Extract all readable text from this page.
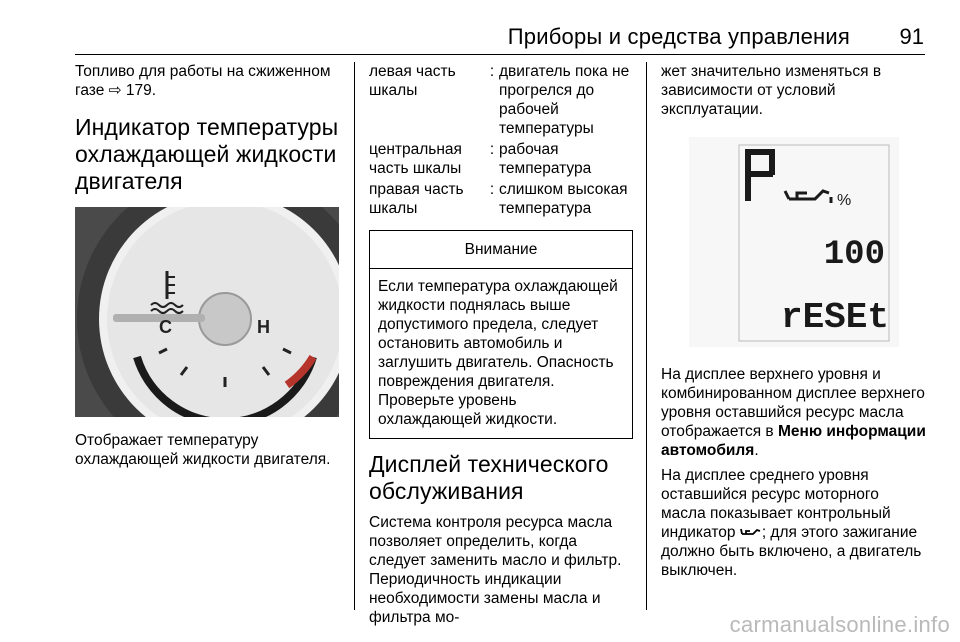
Приборы и средства управления 91

Топливо для работы на сжиженном газе ⇨ 179.

Индикатор температуры охлаждающей жидкости двигателя
C	H

Отображает температуру охлаждающей жидкости двигателя.

левая часть шкалы	:	двигатель пока не прогрелся до рабочей температуры
центральная часть шкалы	:	рабочая температура
правая часть шкалы	:	слишком высокая температура
Внимание
Если температура охлаждающей жидкости поднялась выше допустимого предела, следует остановить автомобиль и заглушить двигатель. Опасность повреждения двигателя. Проверьте уровень охлаждающей жидкости.
Дисплей технического обслуживания

Система контроля ресурса масла позволяет определить, когда следует заменить масло и фильтр. Периодичность индикации необходимости замены масла и фильтра мо-

жет значительно изменяться в зависимости от условий эксплуатации.

%
100
rESEt

На дисплее верхнего уровня и комбинированном дисплее верхнего уровня оставшийся ресурс масла отображается в Меню информации автомобиля.

На дисплее среднего уровня оставшийся ресурс моторного масла показывает контрольный индикатор ; для этого зажигание должно быть включено, а двигатель выключен.

carmanualsonline.info
